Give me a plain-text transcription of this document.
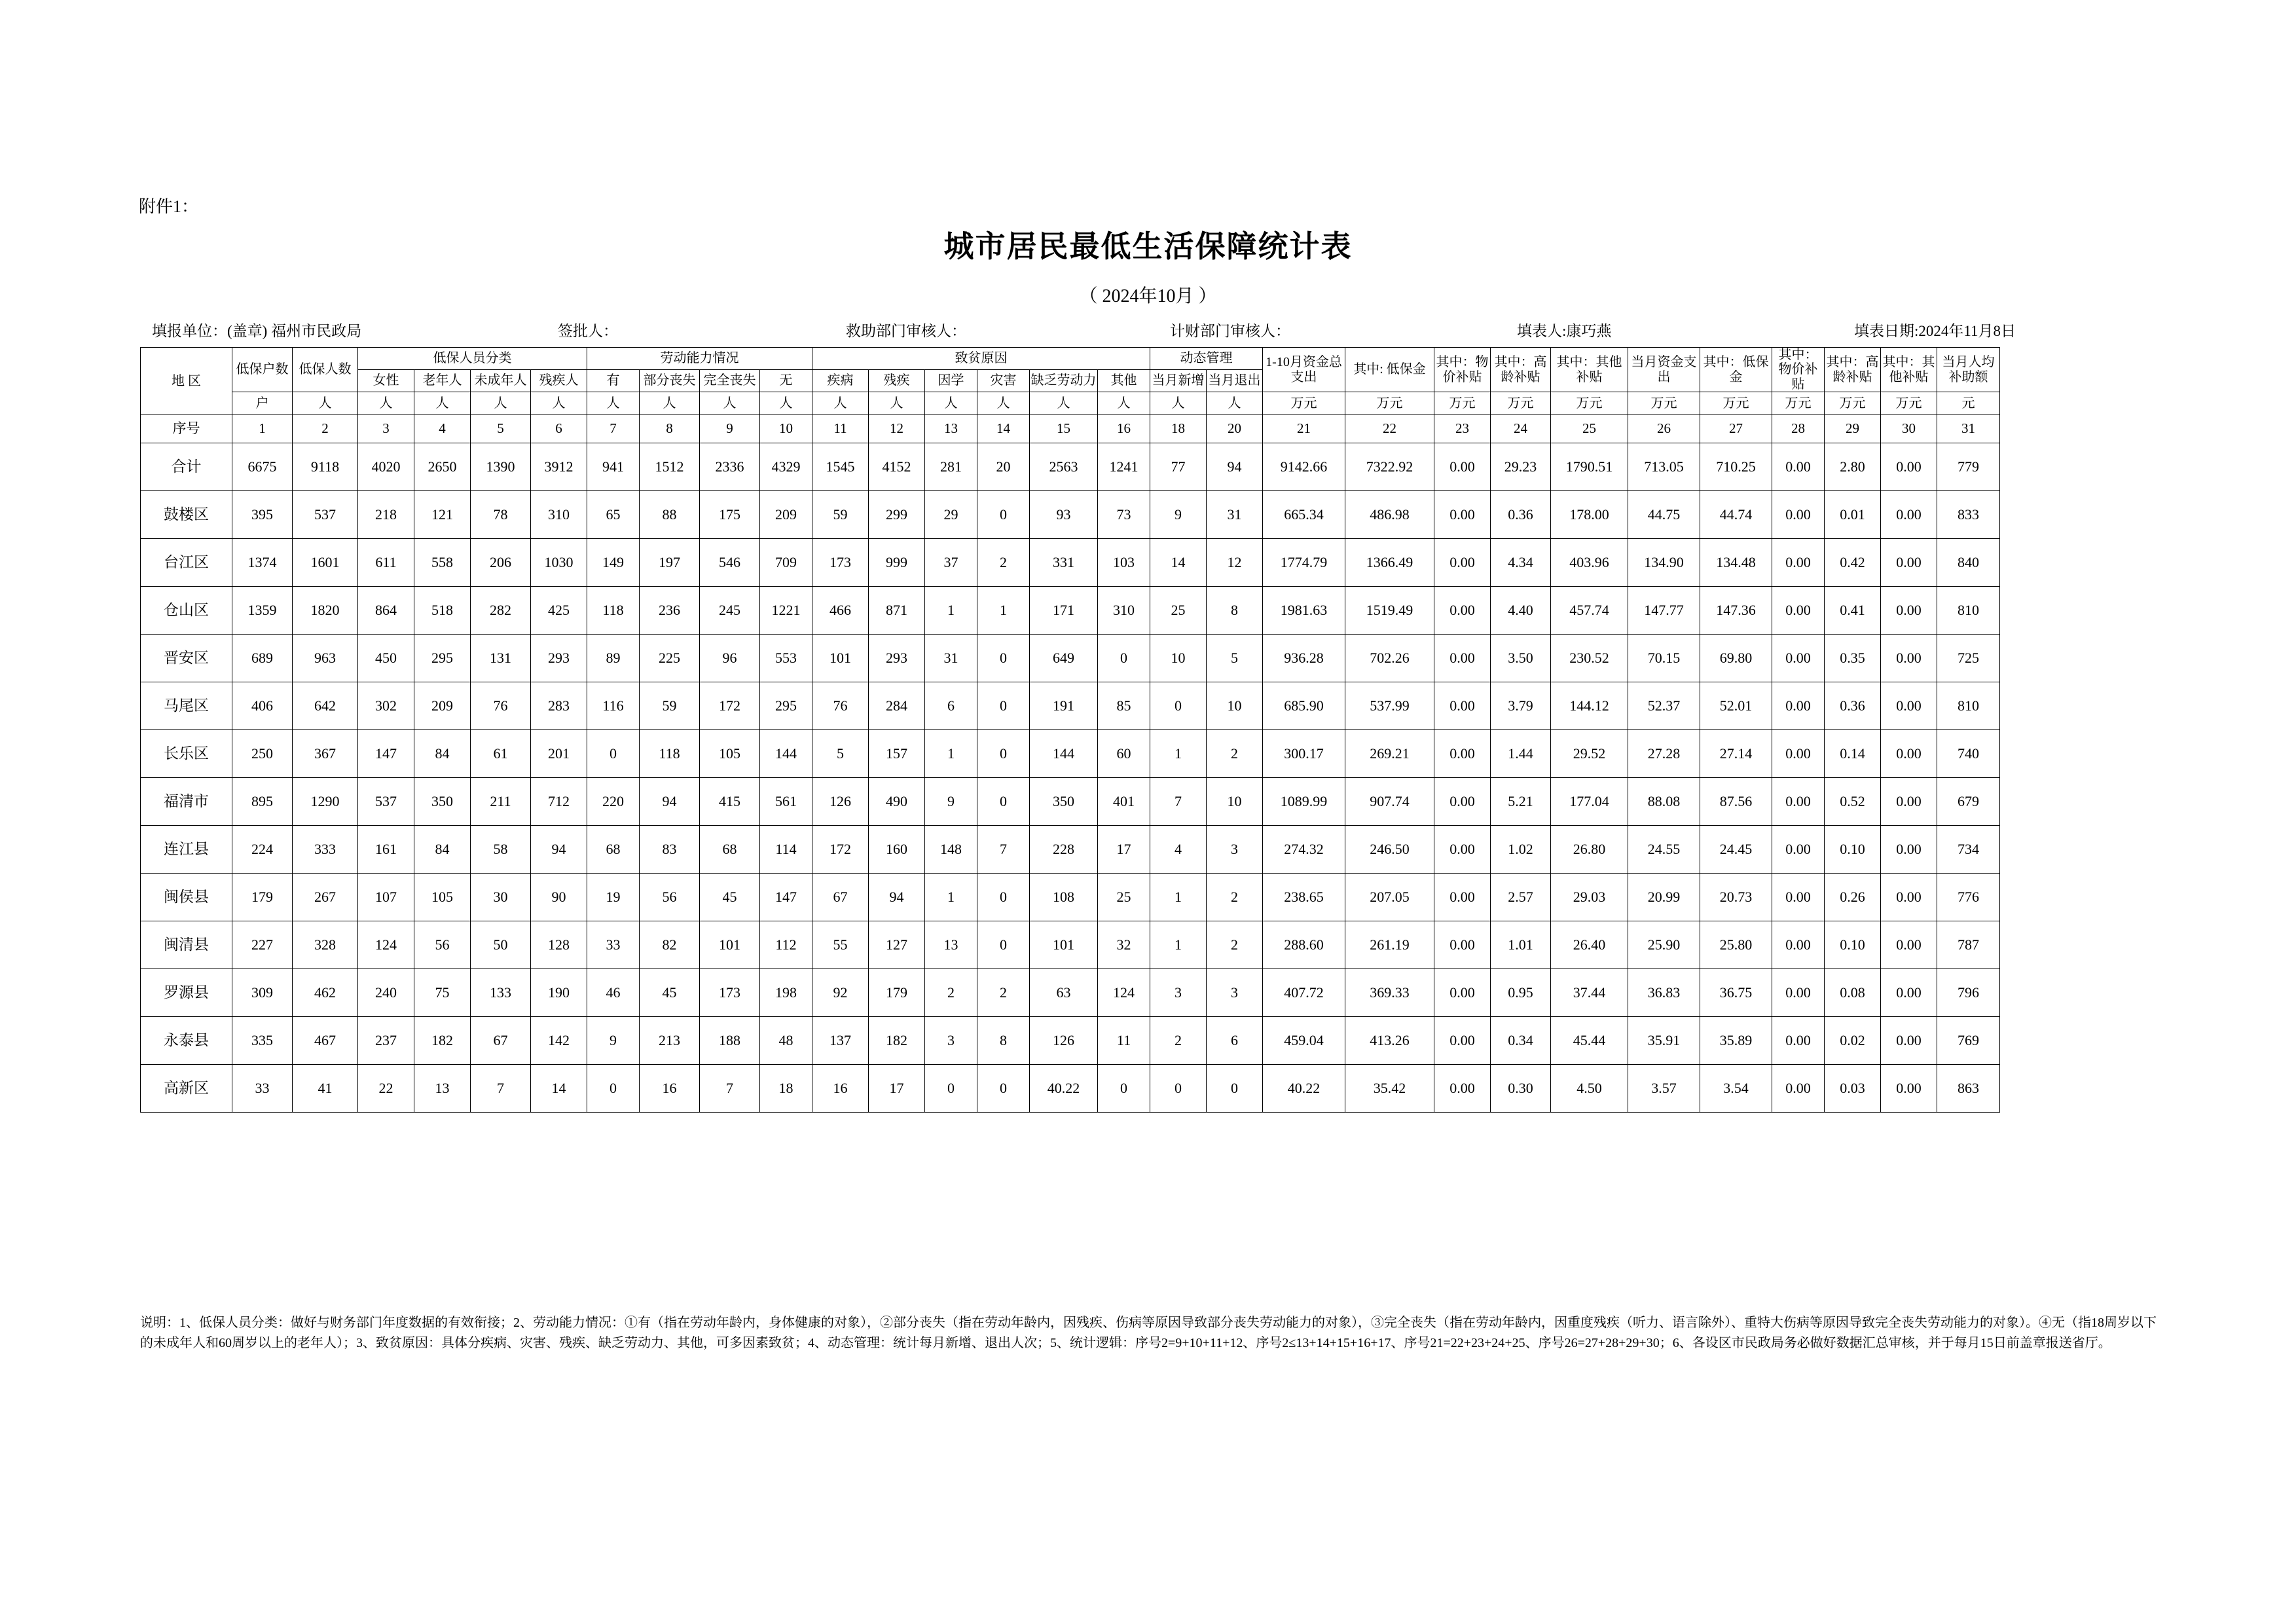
附件1：
城市居民最低生活保障统计表
（ 2024年10月 ）
填报单位：(盖章) 福州市民政局	签批人：	救助部门审核人：	计财部门审核人：	填表人:康巧燕	填表日期:2024年11月8日
地 区	低保户数	低保人数	低保人员分类				劳动能力情况				致贫原因						动态管理		1-10月资金总支出	其中: 低保金	其中：物价补贴	其中：高龄补贴	其中：其他补贴	当月资金支出	其中：低保金	其中：物价补贴	其中：高龄补贴	其中：其他补贴	当月人均补助额
			女性	老年人	未成年人	残疾人	有	部分丧失	完全丧失	无	疾病	残疾	因学	灾害	缺乏劳动力	其他	当月新增	当月退出											
	户	人	人	人	人	人	人	人	人	人	人	人	人	人	人	人	人	人	万元	万元	万元	万元	万元	万元	万元	万元	万元	万元	元
序号	1	2	3	4	5	6	7	8	9	10	11	12	13	14	15	16	18	20	21	22	23	24	25	26	27	28	29	30	31
合计	6675	9118	4020	2650	1390	3912	941	1512	2336	4329	1545	4152	281	20	2563	1241	77	94	9142.66	7322.92	0.00	29.23	1790.51	713.05	710.25	0.00	2.80	0.00	779
鼓楼区	395	537	218	121	78	310	65	88	175	209	59	299	29	0	93	73	9	31	665.34	486.98	0.00	0.36	178.00	44.75	44.74	0.00	0.01	0.00	833
台江区	1374	1601	611	558	206	1030	149	197	546	709	173	999	37	2	331	103	14	12	1774.79	1366.49	0.00	4.34	403.96	134.90	134.48	0.00	0.42	0.00	840
仓山区	1359	1820	864	518	282	425	118	236	245	1221	466	871	1	1	171	310	25	8	1981.63	1519.49	0.00	4.40	457.74	147.77	147.36	0.00	0.41	0.00	810
晋安区	689	963	450	295	131	293	89	225	96	553	101	293	31	0	649	0	10	5	936.28	702.26	0.00	3.50	230.52	70.15	69.80	0.00	0.35	0.00	725
马尾区	406	642	302	209	76	283	116	59	172	295	76	284	6	0	191	85	0	10	685.90	537.99	0.00	3.79	144.12	52.37	52.01	0.00	0.36	0.00	810
长乐区	250	367	147	84	61	201	0	118	105	144	5	157	1	0	144	60	1	2	300.17	269.21	0.00	1.44	29.52	27.28	27.14	0.00	0.14	0.00	740
福清市	895	1290	537	350	211	712	220	94	415	561	126	490	9	0	350	401	7	10	1089.99	907.74	0.00	5.21	177.04	88.08	87.56	0.00	0.52	0.00	679
连江县	224	333	161	84	58	94	68	83	68	114	172	160	148	7	228	17	4	3	274.32	246.50	0.00	1.02	26.80	24.55	24.45	0.00	0.10	0.00	734
闽侯县	179	267	107	105	30	90	19	56	45	147	67	94	1	0	108	25	1	2	238.65	207.05	0.00	2.57	29.03	20.99	20.73	0.00	0.26	0.00	776
闽清县	227	328	124	56	50	128	33	82	101	112	55	127	13	0	101	32	1	2	288.60	261.19	0.00	1.01	26.40	25.90	25.80	0.00	0.10	0.00	787
罗源县	309	462	240	75	133	190	46	45	173	198	92	179	2	2	63	124	3	3	407.72	369.33	0.00	0.95	37.44	36.83	36.75	0.00	0.08	0.00	796
永泰县	335	467	237	182	67	142	9	213	188	48	137	182	3	8	126	11	2	6	459.04	413.26	0.00	0.34	45.44	35.91	35.89	0.00	0.02	0.00	769
高新区	33	41	22	13	7	14	0	16	7	18	16	17	0	0	40.22	0	0	0	40.22	35.42	0.00	0.30	4.50	3.57	3.54	0.00	0.03	0.00	863
说明：1、低保人员分类：做好与财务部门年度数据的有效衔接；2、劳动能力情况：①有（指在劳动年龄内，身体健康的对象），②部分丧失（指在劳动年龄内，因残疾、伤病等原因导致部分丧失劳动能力的对象），③完全丧失（指在劳动年龄内，因重度残疾（听力、语言除外）、重特大伤病等原因导致完全丧失劳动能力的对象）。④无（指18周岁以下的未成年人和60周岁以上的老年人）；3、致贫原因：具体分疾病、灾害、残疾、缺乏劳动力、其他，可多因素致贫；4、动态管理：统计每月新增、退出人次；5、统计逻辑：序号2=9+10+11+12、序号2≤13+14+15+16+17、序号21=22+23+24+25、序号26=27+28+29+30；6、各设区市民政局务必做好数据汇总审核，并于每月15日前盖章报送省厅。
